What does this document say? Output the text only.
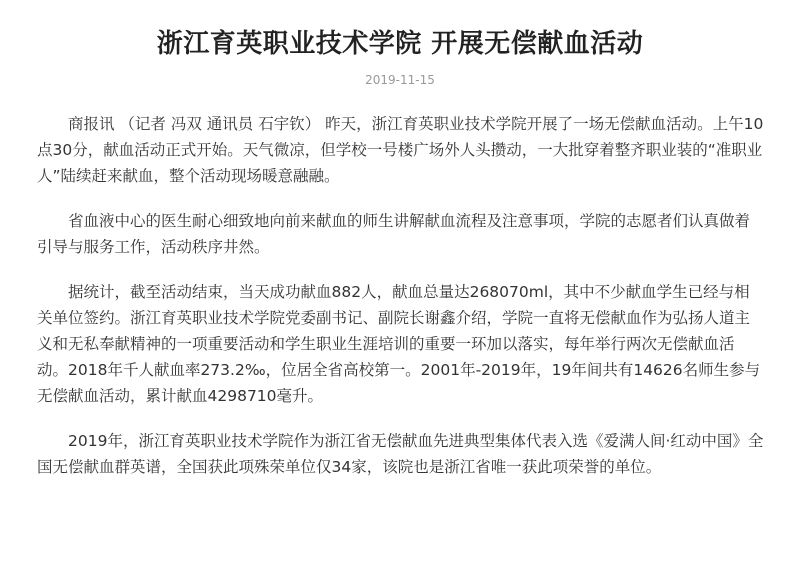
浙江育英职业技术学院 开展无偿献血活动
2019-11-15

商报讯 （记者 冯双 通讯员 石宇钦） 昨天，浙江育英职业技术学院开展了一场无偿献血活动。上午10点30分，献血活动正式开始。天气微凉，但学校一号楼广场外人头攒动，一大批穿着整齐职业装的“准职业人”陆续赶来献血，整个活动现场暖意融融。

省血液中心的医生耐心细致地向前来献血的师生讲解献血流程及注意事项，学院的志愿者们认真做着引导与服务工作，活动秩序井然。

据统计，截至活动结束，当天成功献血882人，献血总量达268070ml，其中不少献血学生已经与相关单位签约。浙江育英职业技术学院党委副书记、副院长谢鑫介绍，学院一直将无偿献血作为弘扬人道主义和无私奉献精神的一项重要活动和学生职业生涯培训的重要一环加以落实，每年举行两次无偿献血活动。2018年千人献血率273.2‰，位居全省高校第一。2001年-2019年，19年间共有14626名师生参与无偿献血活动，累计献血4298710毫升。

2019年，浙江育英职业技术学院作为浙江省无偿献血先进典型集体代表入选《爱满人间·红动中国》全国无偿献血群英谱，全国获此项殊荣单位仅34家，该院也是浙江省唯一获此项荣誉的单位。
